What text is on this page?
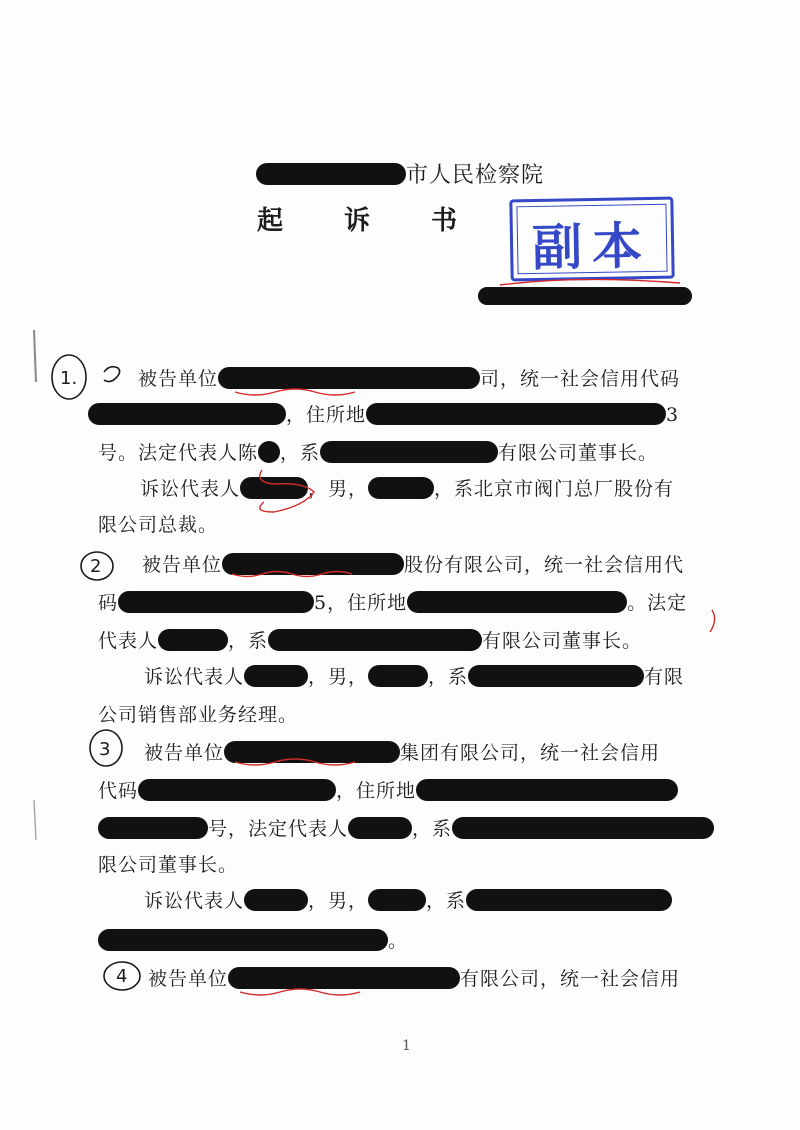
市人民检察院
起 诉 书 副本
被告单位	司，统一社会信用代码
，住所地	3
号。法定代表人陈 ，系	有限公司董事长。
诉讼代表人	，男，	，系北京市阀门总厂股份有
限公司总裁。
被告单位	股份有限公司，统一社会信用代
码	5，住所地	。法定
代表人	，系	有限公司董事长。
诉讼代表人	，男，	，系	有限
公司销售部业务经理。
被告单位	集团有限公司，统一社会信用
代码	，住所地
号，法定代表人	，系
限公司董事长。
诉讼代表人	，男，	，系
。
被告单位	有限公司，统一社会信用
1.
2
3
4
1
